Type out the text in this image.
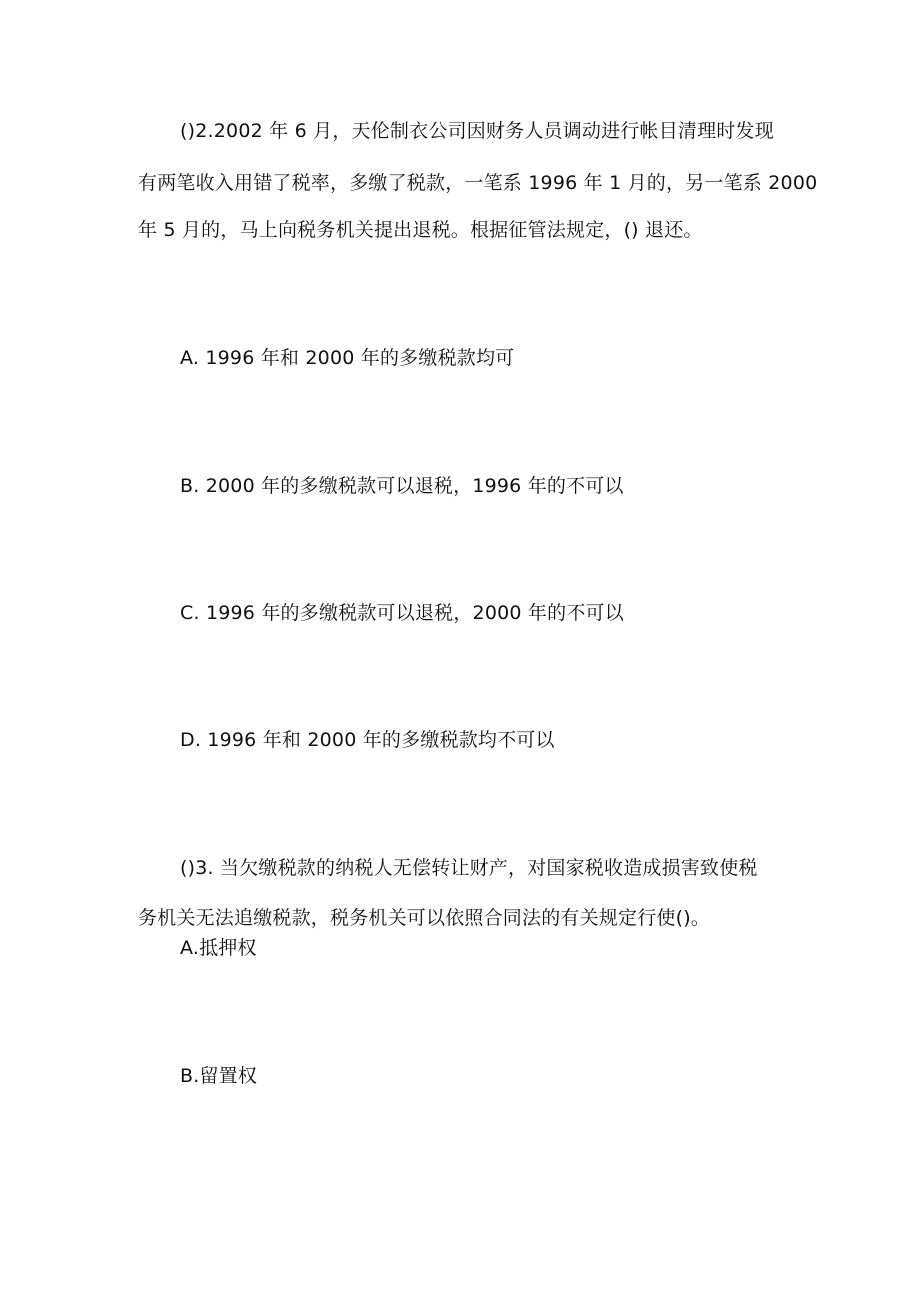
()2.2002 年 6 月，天伦制衣公司因财务人员调动进行帐目清理时发现
有两笔收入用错了税率，多缴了税款，一笔系 1996 年 1 月的，另一笔系 2000
年 5 月的，马上向税务机关提出退税。根据征管法规定，() 退还。
A. 1996 年和 2000 年的多缴税款均可
B. 2000 年的多缴税款可以退税，1996 年的不可以
C. 1996 年的多缴税款可以退税，2000 年的不可以
D. 1996 年和 2000 年的多缴税款均不可以
()3. 当欠缴税款的纳税人无偿转让财产，对国家税收造成损害致使税
务机关无法追缴税款，税务机关可以依照合同法的有关规定行使()。
A.抵押权
B.留置权
